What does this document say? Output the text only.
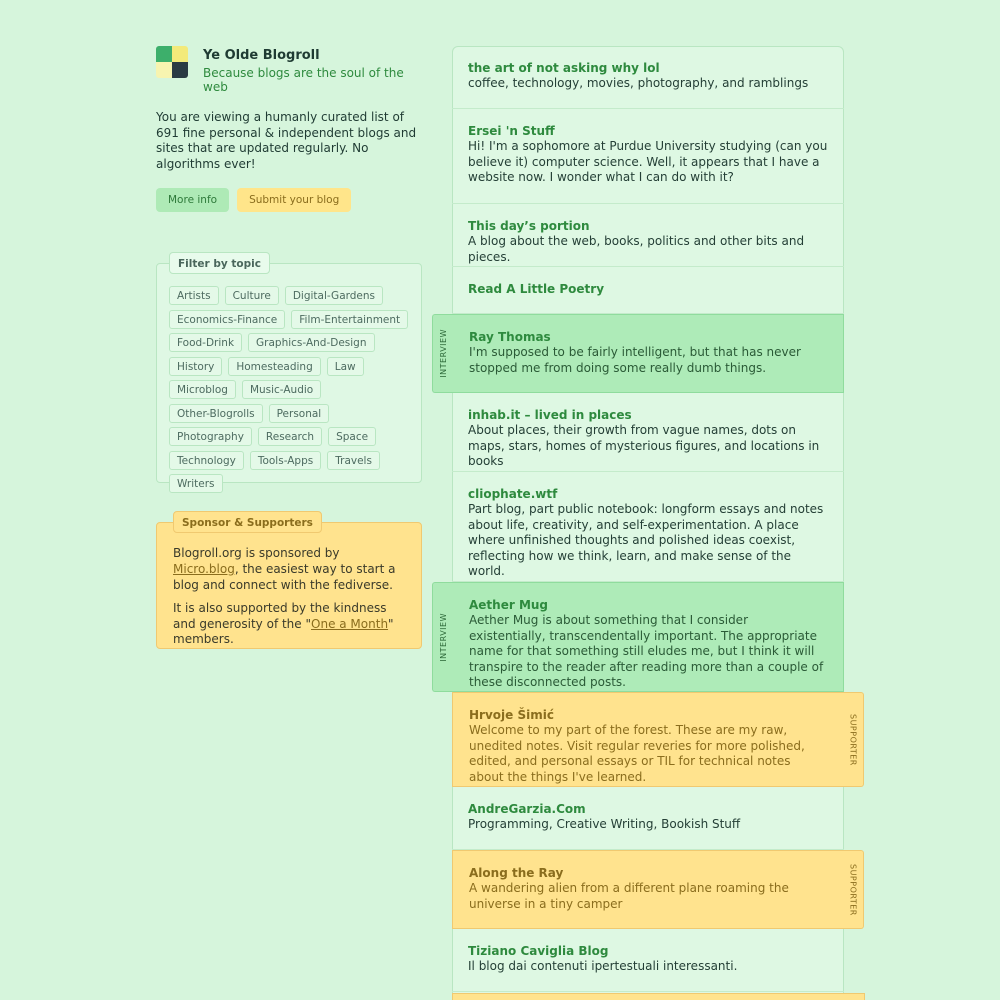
Ye Olde Blogroll
Because blogs are the soul of the web

You are viewing a humanly curated list of 691 fine personal & independent blogs and sites that are updated regularly. No algorithms ever!

More info	Submit your blog
Filter by topic
Artists	Culture	Digital-Gardens
Economics-Finance	Film-Entertainment
Food-Drink	Graphics-And-Design
History	Homesteading	Law
Microblog	Music-Audio
Other-Blogrolls	Personal
Photography	Research	Space
Technology	Tools-Apps	Travels
Writers
Sponsor & Supporters

Blogroll.org is sponsored by Micro.blog, the easiest way to start a blog and connect with the fediverse.

It is also supported by the kindness and generosity of the "One a Month" members.

the art of not asking why lol
coffee, technology, movies, photography, and ramblings
Ersei 'n Stuff
Hi! I'm a sophomore at Purdue University studying (can you believe it) computer science. Well, it appears that I have a website now. I wonder what I can do with it?
This day’s portion
A blog about the web, books, politics and other bits and pieces.
Read A Little Poetry
Ray Thomas
I'm supposed to be fairly intelligent, but that has never stopped me from doing some really dumb things.
INTERVIEW
inhab.it – lived in places
About places, their growth from vague names, dots on maps, stars, homes of mysterious figures, and locations in books
cliophate.wtf
Part blog, part public notebook: longform essays and notes about life, creativity, and self-experimentation. A place where unfinished thoughts and polished ideas coexist, reflecting how we think, learn, and make sense of the world.
Aether Mug
Aether Mug is about something that I consider existentially, transcendentally important. The appropriate name for that something still eludes me, but I think it will transpire to the reader after reading more than a couple of these disconnected posts.
INTERVIEW
Hrvoje Šimić
Welcome to my part of the forest. These are my raw, unedited notes. Visit regular reveries for more polished, edited, and personal essays or TIL for technical notes about the things I've learned.
SUPPORTER
AndreGarzia.Com
Programming, Creative Writing, Bookish Stuff
Along the Ray
A wandering alien from a different plane roaming the universe in a tiny camper	SUPPORTER
Tiziano Caviglia Blog
Il blog dai contenuti ipertestuali interessanti.
